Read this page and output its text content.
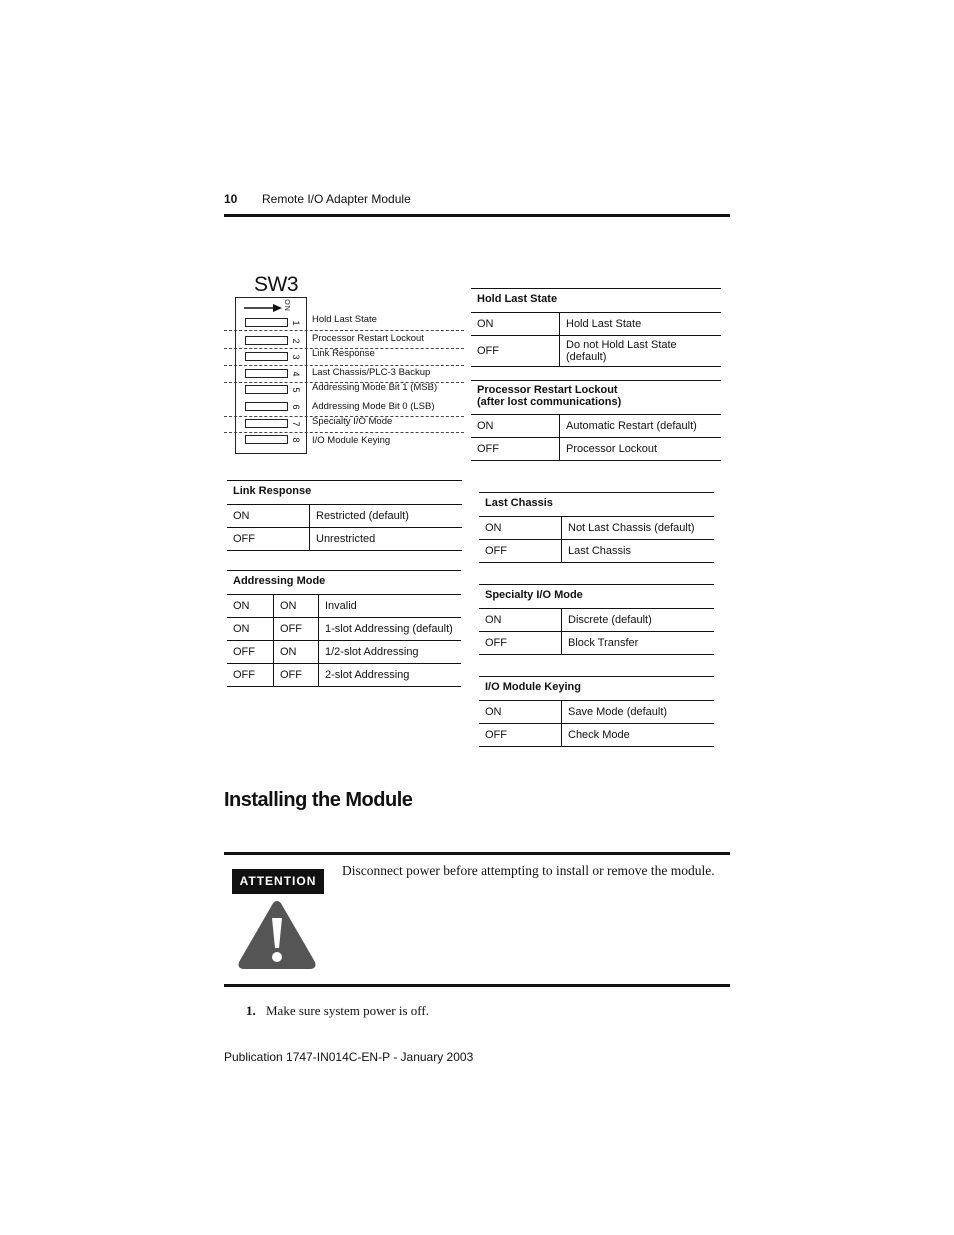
10 Remote I/O Adapter Module
SW3
ON
1
2
3
4
5
6
7
8
Hold Last State
Processor Restart Lockout
Link Response
Last Chassis/PLC-3 Backup
Addressing Mode Bit 1 (MSB)
Addressing Mode Bit 0 (LSB)
Specialty I/O Mode
I/O Module Keying
Hold Last State	
ON	Hold Last State
OFF	Do not Hold Last State (default)
Processor Restart Lockout
(after lost communications)	

ON	Automatic Restart (default)
OFF	Processor Lockout
Link Response	
ON	Restricted (default)
OFF	Unrestricted
Last Chassis	
ON	Not Last Chassis (default)
OFF	Last Chassis
Addressing Mode		
ON	ON	Invalid
ON	OFF	1-slot Addressing (default)
OFF	ON	1/2-slot Addressing
OFF	OFF	2-slot Addressing
Specialty I/O Mode	
ON	Discrete (default)
OFF	Block Transfer
I/O Module Keying	
ON	Save Mode (default)
OFF	Check Mode
Installing the Module
ATTENTION
Disconnect power before attempting to install or remove the module.
1. Make sure system power is off.
Publication 1747-IN014C-EN-P - January 2003
